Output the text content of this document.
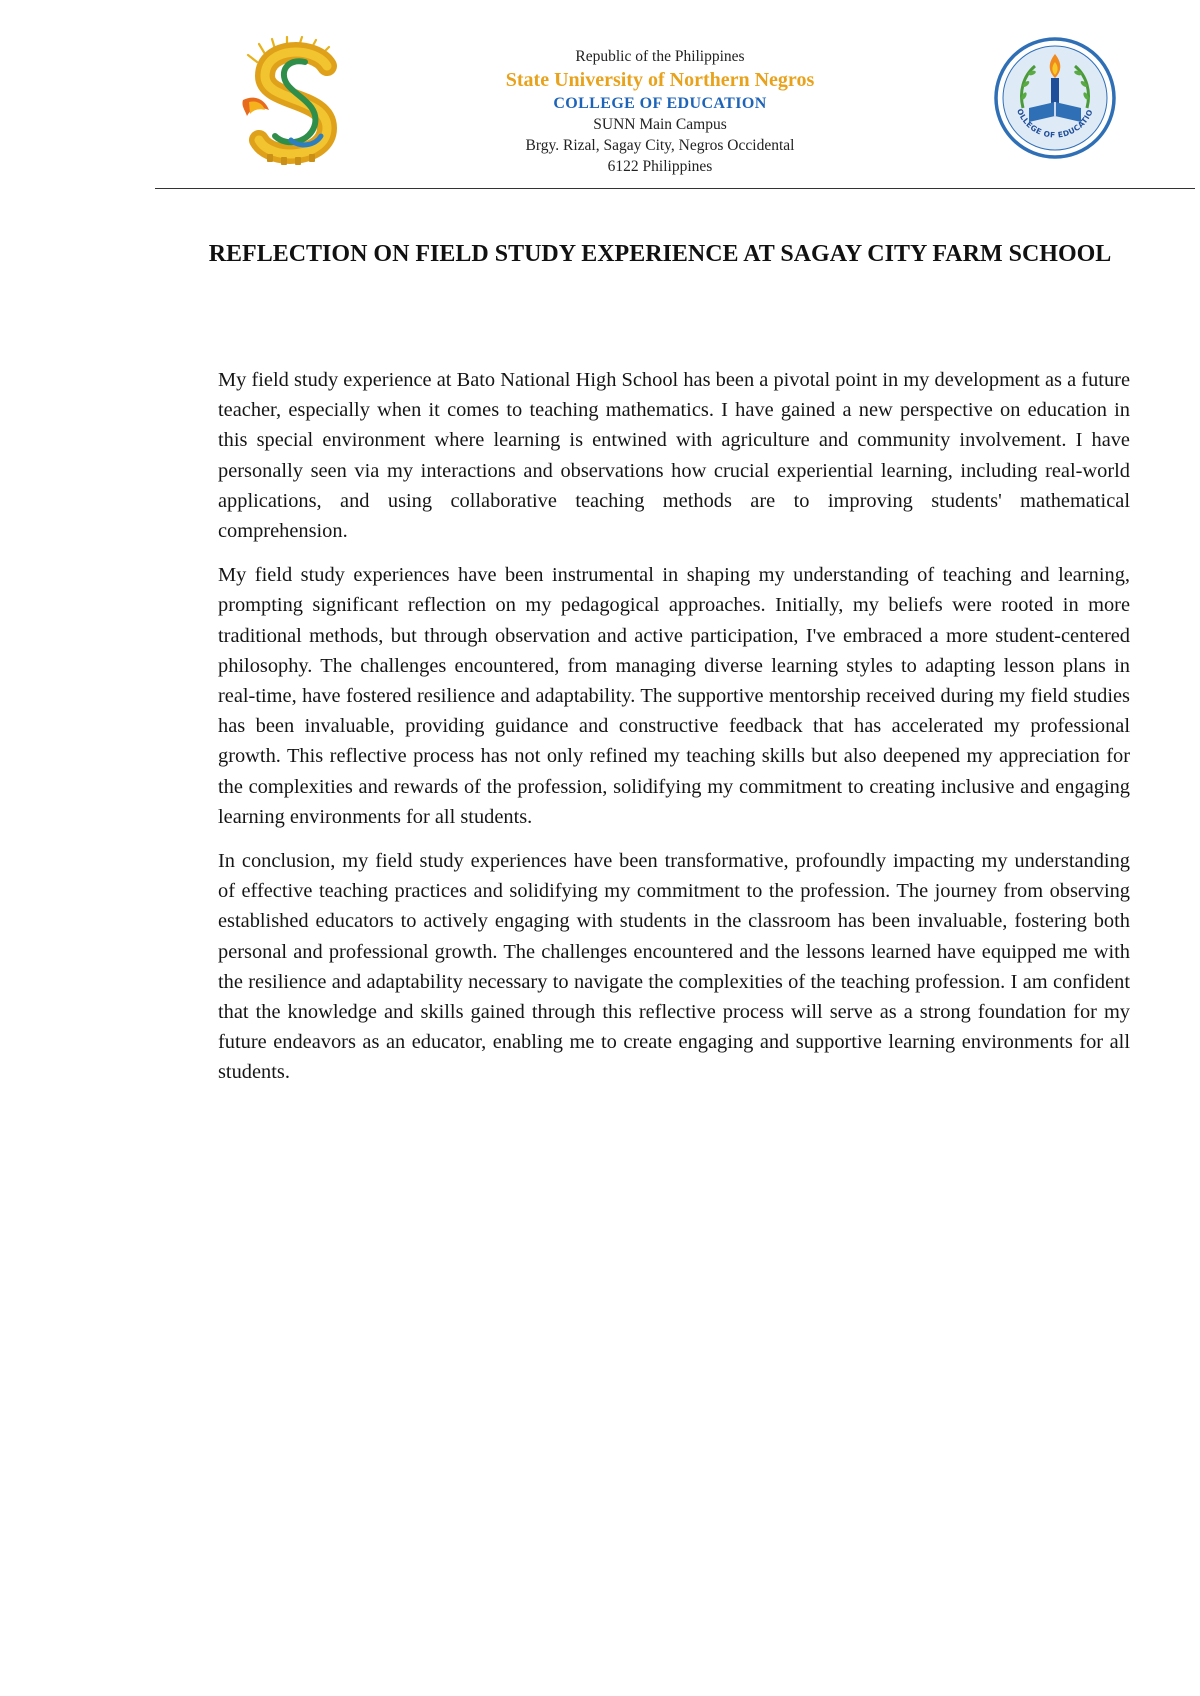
Republic of the Philippines
State University of Northern Negros
COLLEGE OF EDUCATION
SUNN Main Campus
Brgy. Rizal, Sagay City, Negros Occidental
6122 Philippines
OLLEGE OF EDUCATIO
REFLECTION ON FIELD STUDY EXPERIENCE AT SAGAY CITY FARM SCHOOL

My field study experience at Bato National High School has been a pivotal point in my development as a future teacher, especially when it comes to teaching mathematics. I have gained a new perspective on education in this special environment where learning is entwined with agriculture and community involvement. I have personally seen via my interactions and observations how crucial experiential learning, including real-world applications, and using collaborative teaching methods are to improving students' mathematical comprehension.

My field study experiences have been instrumental in shaping my understanding of teaching and learning, prompting significant reflection on my pedagogical approaches. Initially, my beliefs were rooted in more traditional methods, but through observation and active participation, I've embraced a more student-centered philosophy. The challenges encountered, from managing diverse learning styles to adapting lesson plans in real-time, have fostered resilience and adaptability. The supportive mentorship received during my field studies has been invaluable, providing guidance and constructive feedback that has accelerated my professional growth. This reflective process has not only refined my teaching skills but also deepened my appreciation for the complexities and rewards of the profession, solidifying my commitment to creating inclusive and engaging learning environments for all students.

In conclusion, my field study experiences have been transformative, profoundly impacting my understanding of effective teaching practices and solidifying my commitment to the profession. The journey from observing established educators to actively engaging with students in the classroom has been invaluable, fostering both personal and professional growth. The challenges encountered and the lessons learned have equipped me with the resilience and adaptability necessary to navigate the complexities of the teaching profession. I am confident that the knowledge and skills gained through this reflective process will serve as a strong foundation for my future endeavors as an educator, enabling me to create engaging and supportive learning environments for all students.
